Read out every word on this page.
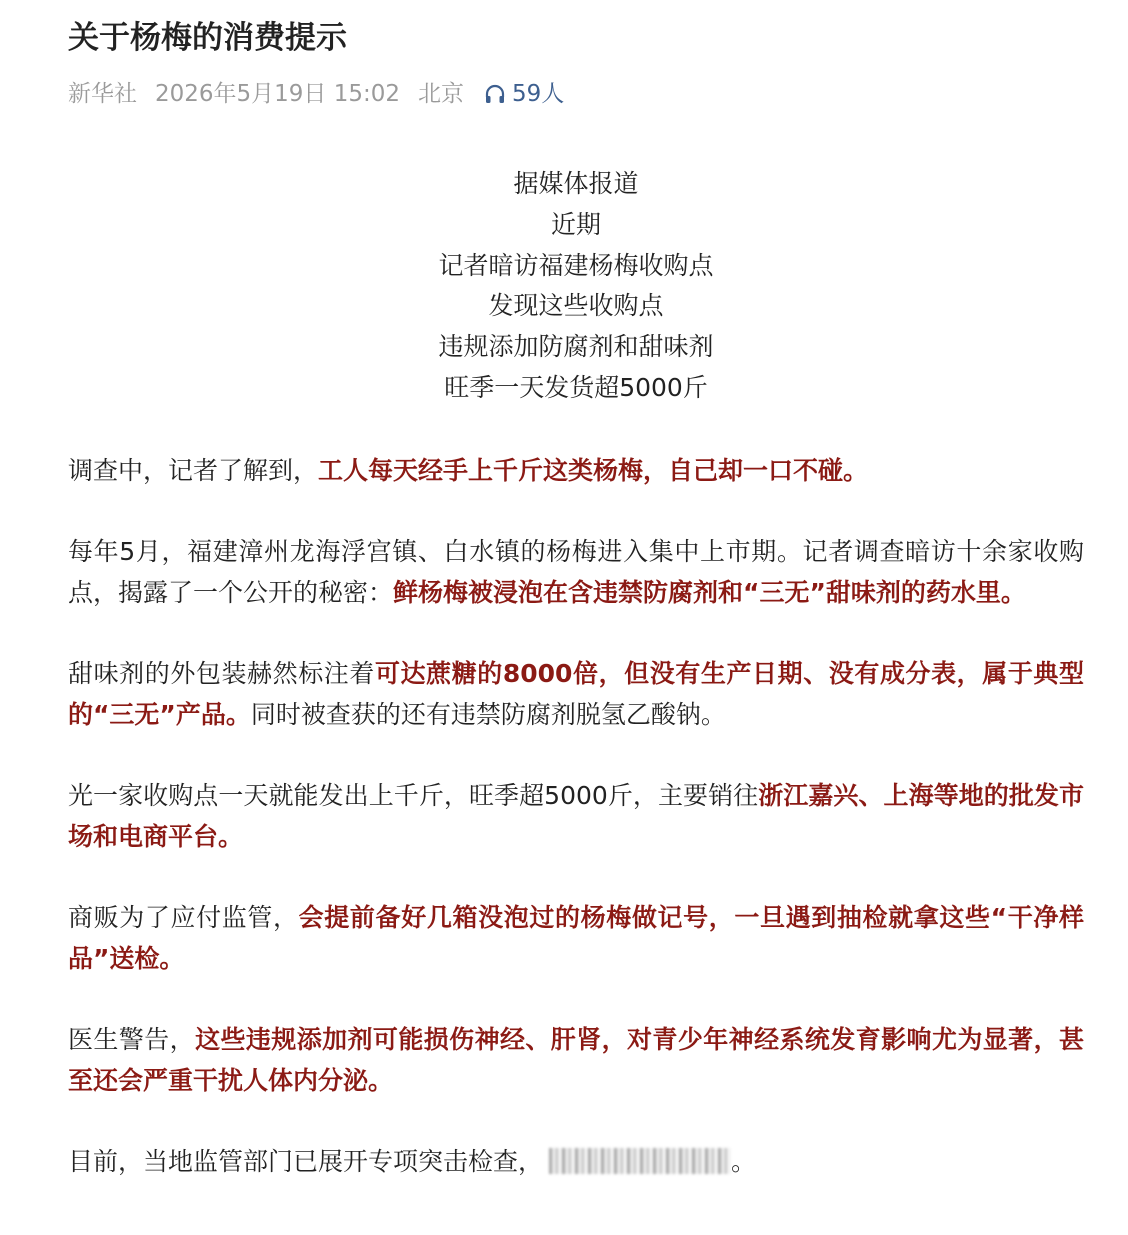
关于杨梅的消费提示
新华社 2026年5月19日 15:02 北京 59人
据媒体报道
近期
记者暗访福建杨梅收购点
发现这些收购点
违规添加防腐剂和甜味剂
旺季一天发货超5000斤

调查中，记者了解到，工人每天经手上千斤这类杨梅，自己却一口不碰。

每年5月，福建漳州龙海浮宫镇、白水镇的杨梅进入集中上市期。记者调查暗访十余家收购点，揭露了一个公开的秘密：鲜杨梅被浸泡在含违禁防腐剂和“三无”甜味剂的药水里。

甜味剂的外包装赫然标注着可达蔗糖的8000倍，但没有生产日期、没有成分表，属于典型的“三无”产品。同时被查获的还有违禁防腐剂脱氢乙酸钠。

光一家收购点一天就能发出上千斤，旺季超5000斤，主要销往浙江嘉兴、上海等地的批发市场和电商平台。

商贩为了应付监管，会提前备好几箱没泡过的杨梅做记号，一旦遇到抽检就拿这些“干净样品”送检。

医生警告，这些违规添加剂可能损伤神经、肝肾，对青少年神经系统发育影响尤为显著，甚至还会严重干扰人体内分泌。

目前，当地监管部门已展开专项突击检查，	。
